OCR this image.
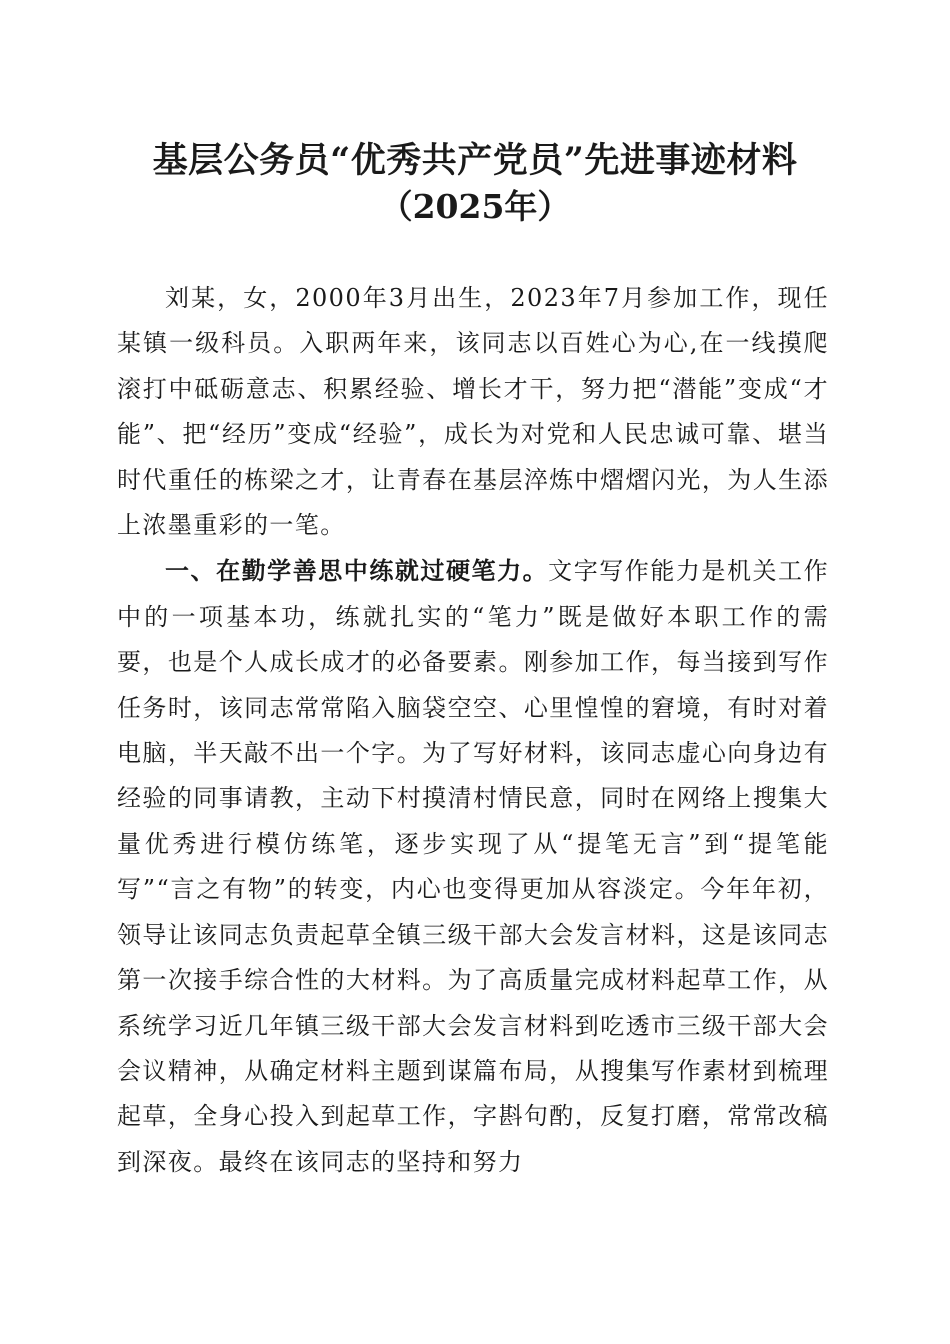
基层公务员“优秀共产党员”先进事迹材料

（2025年）

刘某，女，2000年3月出生，2023年7月参加工作，现任某镇一级科员。入职两年来，该同志以百姓心为心,在一线摸爬滚打中砥砺意志、积累经验、增长才干，努力把“潜能”变成“才能”、把“经历”变成“经验”，成长为对党和人民忠诚可靠、堪当时代重任的栋梁之才，让青春在基层淬炼中熠熠闪光，为人生添上浓墨重彩的一笔。

一、在勤学善思中练就过硬笔力。文字写作能力是机关工作中的一项基本功，练就扎实的“笔力”既是做好本职工作的需要，也是个人成长成才的必备要素。刚参加工作，每当接到写作任务时，该同志常常陷入脑袋空空、心里惶惶的窘境，有时对着电脑，半天敲不出一个字。为了写好材料，该同志虚心向身边有经验的同事请教，主动下村摸清村情民意，同时在网络上搜集大量优秀进行模仿练笔，逐步实现了从“提笔无言”到“提笔能写”“言之有物”的转变，内心也变得更加从容淡定。今年年初，领导让该同志负责起草全镇三级干部大会发言材料，这是该同志第一次接手综合性的大材料。为了高质量完成材料起草工作，从系统学习近几年镇三级干部大会发言材料到吃透市三级干部大会会议精神，从确定材料主题到谋篇布局，从搜集写作素材到梳理起草，全身心投入到起草工作，字斟句酌，反复打磨，常常改稿到深夜。最终在该同志的坚持和努力
